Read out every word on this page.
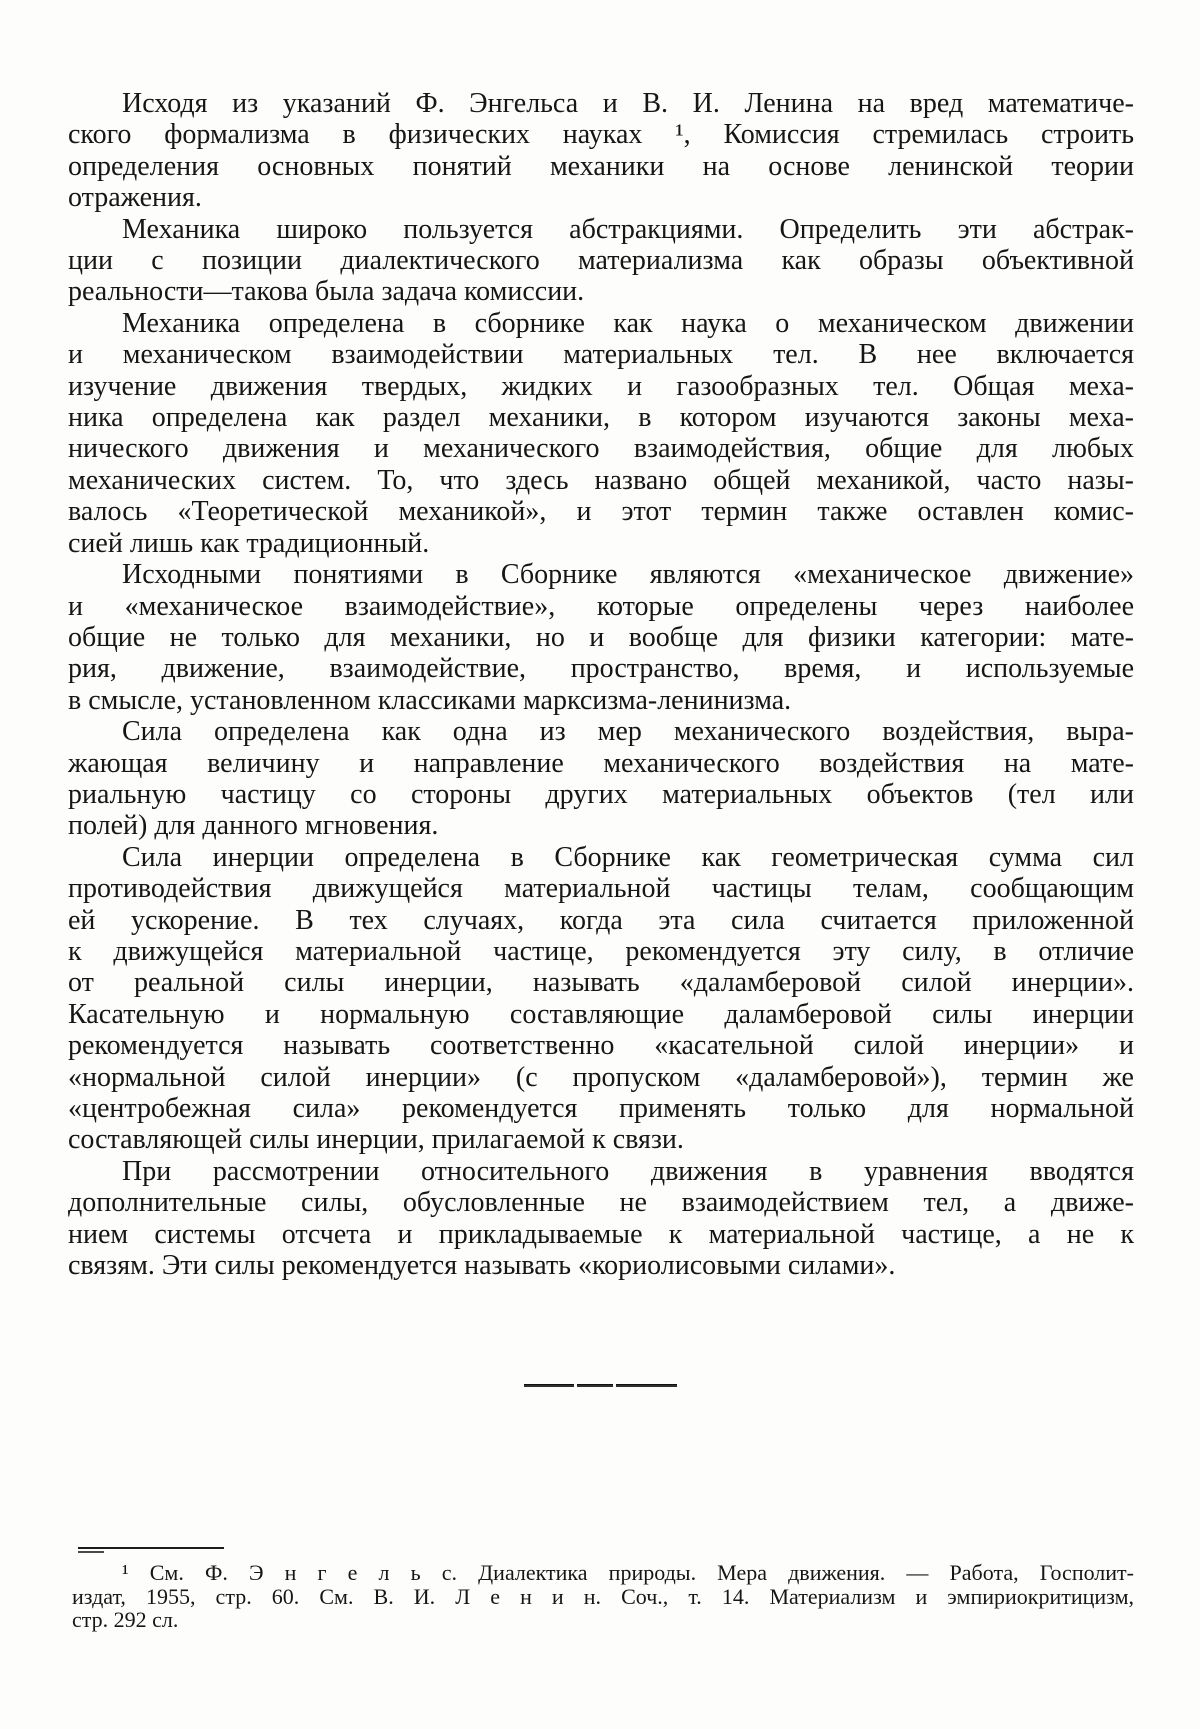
Исходя из указаний Ф. Энгельса и В. И. Ленина на вред математиче-
ского формализма в физических науках ¹, Комиссия стремилась строить
определения основных понятий механики на основе ленинской теории
отражения.

Механика широко пользуется абстракциями. Определить эти абстрак-
ции с позиции диалектического материализма как образы объективной
реальности—такова была задача комиссии.

Механика определена в сборнике как наука о механическом движении
и механическом взаимодействии материальных тел. В нее включается
изучение движения твердых, жидких и газообразных тел. Общая меха-
ника определена как раздел механики, в котором изучаются законы меха-
нического движения и механического взаимодействия, общие для любых
механических систем. То, что здесь названо общей механикой, часто назы-
валось «Теоретической механикой», и этот термин также оставлен комис-
сией лишь как традиционный.

Исходными понятиями в Сборнике являются «механическое движение»
и «механическое взаимодействие», которые определены через наиболее
общие не только для механики, но и вообще для физики категории: мате-
рия, движение, взаимодействие, пространство, время, и используемые
в смысле, установленном классиками марксизма-ленинизма.

Сила определена как одна из мер механического воздействия, выра-
жающая величину и направление механического воздействия на мате-
риальную частицу со стороны других материальных объектов (тел или
полей) для данного мгновения.

Сила инерции определена в Сборнике как геометрическая сумма сил
противодействия движущейся материальной частицы телам, сообщающим
ей ускорение. В тех случаях, когда эта сила считается приложенной
к движущейся материальной частице, рекомендуется эту силу, в отличие
от реальной силы инерции, называть «даламберовой силой инерции».
Касательную и нормальную составляющие даламберовой силы инерции
рекомендуется называть соответственно «касательной силой инерции» и
«нормальной силой инерции» (с пропуском «даламберовой»), термин же
«центробежная сила» рекомендуется применять только для нормальной
составляющей силы инерции, прилагаемой к связи.

При рассмотрении относительного движения в уравнения вводятся
дополнительные силы, обусловленные не взаимодействием тел, а движе-
нием системы отсчета и прикладываемые к материальной частице, а не к
связям. Эти силы рекомендуется называть «кориолисовыми силами».

¹ См. Ф. Э н г е л ь с. Диалектика природы. Мера движения. — Работа, Госполит-
издат, 1955, стр. 60. См. В. И. Л е н и н. Соч., т. 14. Материализм и эмпириокритицизм,
стр. 292 сл.
